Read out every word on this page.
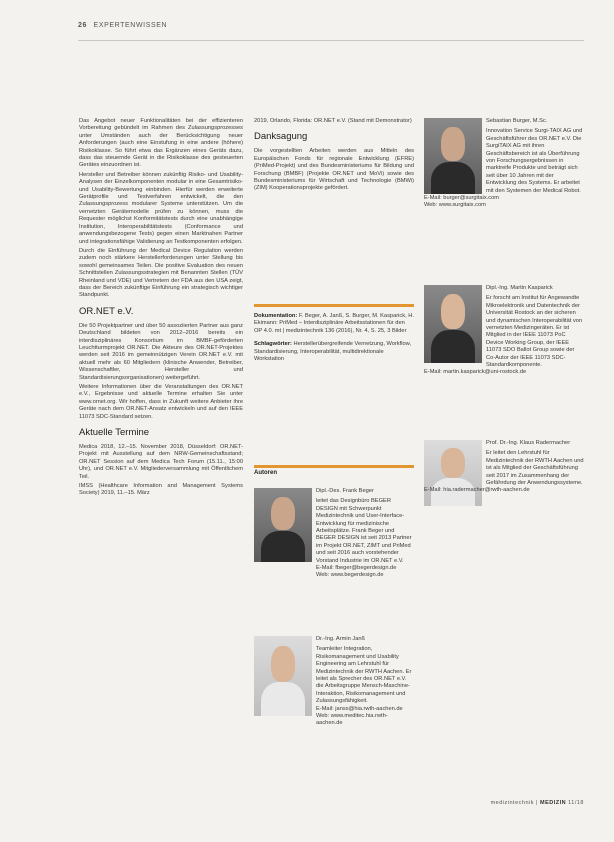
26 EXPERTENWISSEN

Das Angebot neuer Funktionalitäten bei der effizienteren Vorbereitung gebündelt im Rahmen des Zulassungsprozesses unter Umständen auch der Berücksichtigung neuer Anforderungen (auch eine Einstufung in eine andere (höhere) Risikoklasse. So führt etwa das Ergänzen eines Geräts dazu, dass das steuernde Gerät in die Risikoklasse des gesteuerten Gerätes einzuordnen ist.

Hersteller und Betreiber können zukünftig Risiko- und Usability-Analysen der Einzelkomponenten modular in eine Gesamtrisiko- und Usability-Bewertung einbinden. Hierfür werden erweiterte Gerätprofile und Testverfahren entwickelt, die den Zulassungsprozess modularer Systeme unterstützen. Um die vernetzten Gerätemodelle prüfen zu können, muss die Requester möglichst Konformitätstests durch eine unabhängige Institution, Interoperabilitätstests (Conformance und anwendungsbezogene Tests) gegen einen Marktnahen Partner und integrationsfähige Validierung an Testkomponenten erfolgen.

Durch die Einführung der Medical Device Regulation werden zudem noch stärkere Herstellerforderungen unter Stellung bis sowohl gemeinsames Teilen. Die positive Evaluation des neuen Schnittstellen Zulassungsstrategien mit Benannten Stellen (TÜV Rheinland und VDE) und Vertretern der FDA aus den USA zeigt, dass der Bereich zukünftige Einführung ein strategisch wichtiger Standpunkt.

OR.NET e.V.

Die 50 Projektpartner und über 50 assoziierten Partner aus ganz Deutschland bildeten von 2012–2016 bereits ein interdisziplinäres Konsortium im BMBF-geförderten Leuchtturmprojekt OR.NET. Die Akteure des OR.NET-Projektes werden seit 2016 im gemeinnützigen Verein OR.NET e.V. mit aktuell mehr als 60 Mitgliedern (klinische Anwender, Betreiber, Wissenschaftler, Hersteller und Standardisierungsorganisationen) weitergeführt.

Weitere Informationen über die Veranstaltungen des OR.NET e.V., Ergebnisse und aktuelle Termine erhalten Sie unter www.ornet.org. Wir hoffen, dass in Zukunft weitere Anbieter ihre Geräte nach dem OR.NET-Ansatz entwickeln und auf den IEEE 11073 SDC-Standard setzen.

Aktuelle Termine

Medica 2018, 12.–15. November 2018, Düsseldorf: OR.NET-Projekt mit Ausstellung auf dem NRW-Gemeinschaftsstand; OR.NET Session auf dem Medica Tech Forum (15.11., 15:00 Uhr), und OR.NET e.V. Mitgliederversammlung mit Öffentlichem Teil.

IMSS (Healthcare Information and Management Systems Society) 2019, 11.–15. März

2019, Orlando, Florida: OR.NET e.V. (Stand mit Demonstrator)

Danksagung

Die vorgestellten Arbeiten werden aus Mitteln des Europäischen Fonds für regionale Entwicklung (EFRE) (PriMed-Projekt) und des Bundesministeriums für Bildung und Forschung (BMBF) (Projekte OR.NET und MoVi) sowie des Bundesministeriums für Wirtschaft und Technologie (BMWi) (ZIM) Kooperationsprojekte gefördert.

Dokumentation: F. Beger, A. Janß, S. Burger, M. Kasparick, H. Ekimann: PriMed – Interdisziplinäre Arbeitsstationen für den OP 4.0. mt | medizintechnik 136 (2016), Nr. 4, S. 25, 3 Bilder

Schlagwörter: Herstellerübergreifende Vernetzung, Workflow, Standardisierung, Interoperabilität, multidirektionale Workstation

Autoren

Dipl.-Des. Frank Beger

leitet das Designbüro BEGER DESIGN mit Schwerpunkt Medizintechnik und User-Interface-Entwicklung für medizinische Arbeitsplätze. Frank Beger und BEGER DESIGN ist seit 2013 Partner im Projekt OR.NET, ZIMT und PriMed und seit 2016 auch vorstehender Vorstand Industrie im OR.NET e.V.

E-Mail: fbeger@begerdesign.de

Web: www.begerdesign.de

Dr.-Ing. Armin Janß

Teamleiter Integration, Risikomanagement und Usability Engineering am Lehrstuhl für Medizintechnik der RWTH Aachen. Er leitet als Sprecher des OR.NET e.V. die Arbeitsgruppe Mensch-Maschine-Interaktion, Risikomanagement und Zulassungsfähigkeit.

E-Mail: janss@hia.rwth-aachen.de

Web: www.meditec.hia.rwth-aachen.de

Sebastian Burger, M.Sc.

Innovation Service Surgi-TAIX AG und Geschäftsführer des OR.NET e.V. Die SurgiTAIX AG mit ihren Geschäftsbereich ist als Überführung von Forschungsergebnissen in marktreife Produkte und beträgt sich seit über 10 Jahren mit der Entwicklung des Systems. Er arbeitet mit den Systemen der Medical Robot.

E-Mail: burger@surgitaix.com

Web: www.surgitaix.com

Dipl.-Ing. Martin Kasparick

Er forscht am Institut für Angewandte Mikroelektronik und Datentechnik der Universität Rostock an der sicheren und dynamischen Interoperabilität von vernetzten Medizingeräten. Er ist Mitglied in der IEEE 11073 PoC Device Working Group, der IEEE 11073 SDO Ballot Group sowie der Co-Autor der IEEE 11073 SDC-Standardkomponente.

E-Mail: martin.kasparick@uni-rostock.de

Prof. Dr.-Ing. Klaus Radermacher

Er leitet den Lehrstuhl für Medizintechnik der RWTH Aachen und ist als Mitglied der Geschäftsführung seit 2017 im Zusammenhang der Gefährdung der Anwendungssysteme.

E-Mail: hia.radermacher@rwth-aachen.de

medizintechnik | MEDIZIN 11/18
